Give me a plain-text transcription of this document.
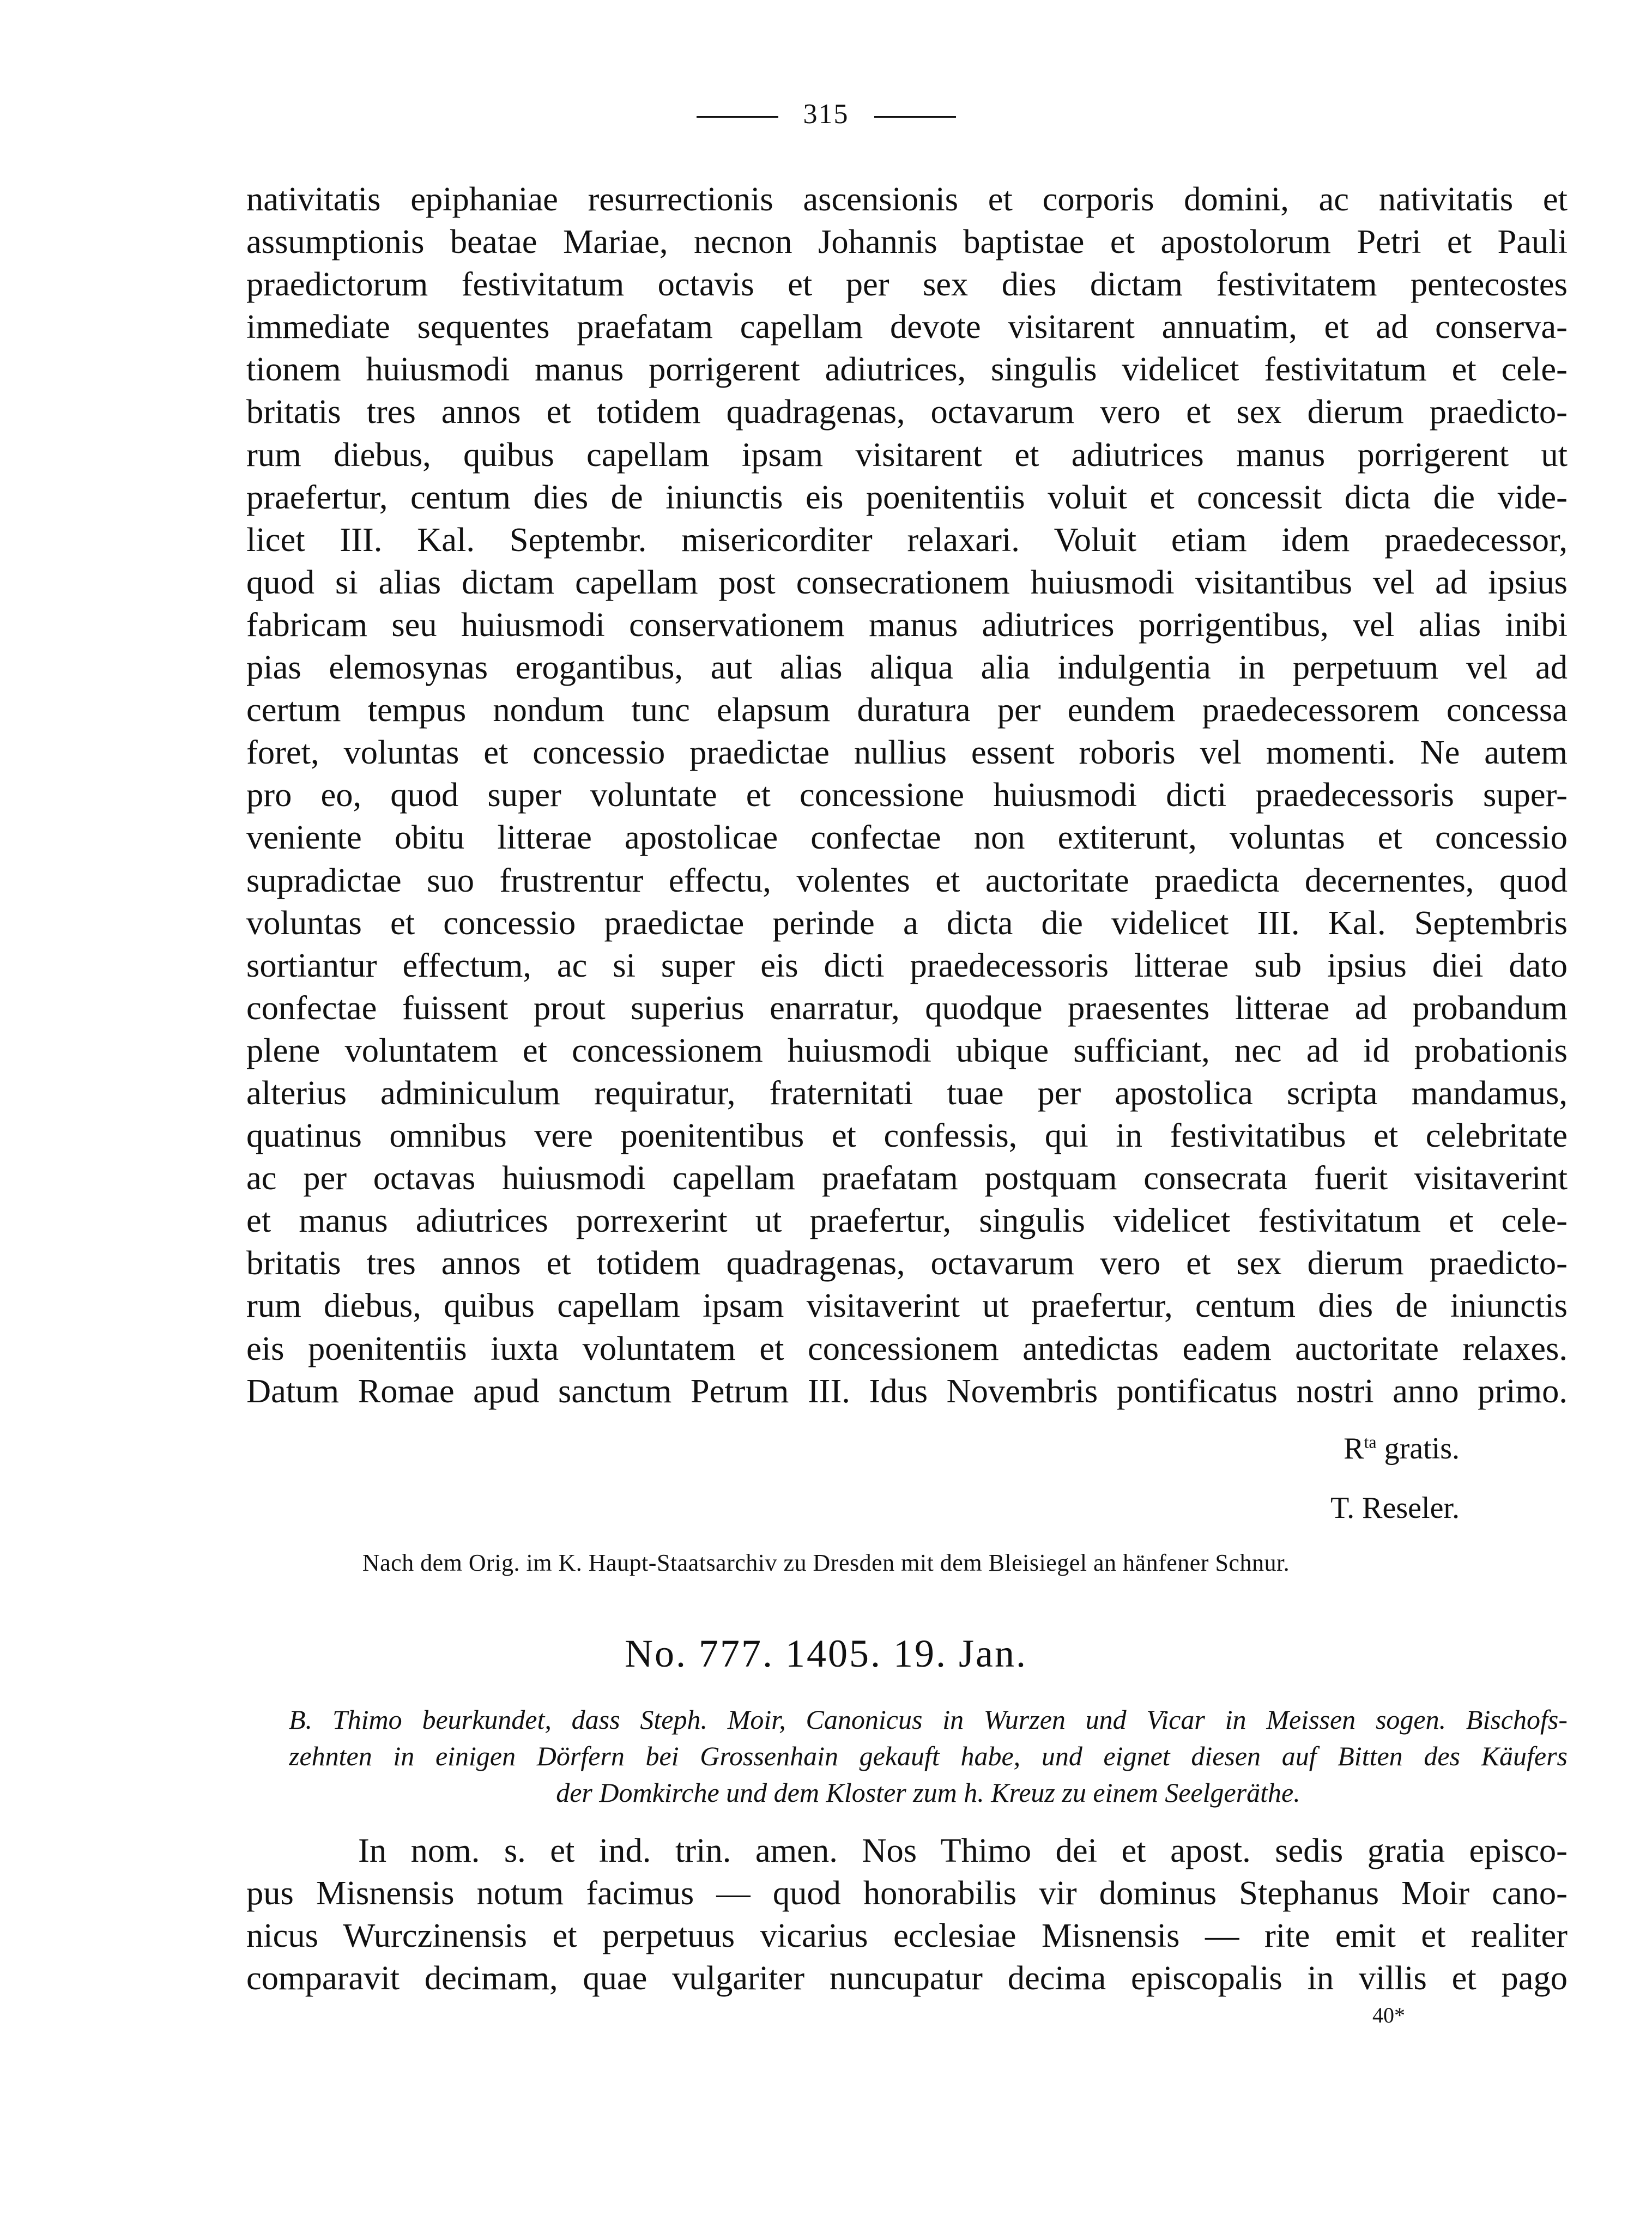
315
nativitatis epiphaniae resurrectionis ascensionis et corporis domini, ac nativitatis et
assumptionis beatae Mariae, necnon Johannis baptistae et apostolorum Petri et Pauli
praedictorum festivitatum octavis et per sex dies dictam festivitatem pentecostes
immediate sequentes praefatam capellam devote visitarent annuatim, et ad conserva-
tionem huiusmodi manus porrigerent adiutrices, singulis videlicet festivitatum et cele-
britatis tres annos et totidem quadragenas, octavarum vero et sex dierum praedicto-
rum diebus, quibus capellam ipsam visitarent et adiutrices manus porrigerent ut
praefertur, centum dies de iniunctis eis poenitentiis voluit et concessit dicta die vide-
licet III. Kal. Septembr. misericorditer relaxari. Voluit etiam idem praedecessor,
quod si alias dictam capellam post consecrationem huiusmodi visitantibus vel ad ipsius
fabricam seu huiusmodi conservationem manus adiutrices porrigentibus, vel alias inibi
pias elemosynas erogantibus, aut alias aliqua alia indulgentia in perpetuum vel ad
certum tempus nondum tunc elapsum duratura per eundem praedecessorem concessa
foret, voluntas et concessio praedictae nullius essent roboris vel momenti. Ne autem
pro eo, quod super voluntate et concessione huiusmodi dicti praedecessoris super-
veniente obitu litterae apostolicae confectae non extiterunt, voluntas et concessio
supradictae suo frustrentur effectu, volentes et auctoritate praedicta decernentes, quod
voluntas et concessio praedictae perinde a dicta die videlicet III. Kal. Septembris
sortiantur effectum, ac si super eis dicti praedecessoris litterae sub ipsius diei dato
confectae fuissent prout superius enarratur, quodque praesentes litterae ad probandum
plene voluntatem et concessionem huiusmodi ubique sufficiant, nec ad id probationis
alterius adminiculum requiratur, fraternitati tuae per apostolica scripta mandamus,
quatinus omnibus vere poenitentibus et confessis, qui in festivitatibus et celebritate
ac per octavas huiusmodi capellam praefatam postquam consecrata fuerit visitaverint
et manus adiutrices porrexerint ut praefertur, singulis videlicet festivitatum et cele-
britatis tres annos et totidem quadragenas, octavarum vero et sex dierum praedicto-
rum diebus, quibus capellam ipsam visitaverint ut praefertur, centum dies de iniunctis
eis poenitentiis iuxta voluntatem et concessionem antedictas eadem auctoritate relaxes.
Datum Romae apud sanctum Petrum III. Idus Novembris pontificatus nostri anno primo.
$R^{ta}$ gratis.
T. Reseler.
Nach dem Orig. im K. Haupt-Staatsarchiv zu Dresden mit dem Bleisiegel an hänfener Schnur.
No. 777. 1405. 19. Jan.
B. Thimo beurkundet, dass Steph. Moir, Canonicus in Wurzen und Vicar in Meissen sogen. Bischofs-
zehnten in einigen Dörfern bei Grossenhain gekauft habe, und eignet diesen auf Bitten des Käufers
der Domkirche und dem Kloster zum h. Kreuz zu einem Seelgeräthe.
In nom. s. et ind. trin. amen. Nos Thimo dei et apost. sedis gratia episco-
pus Misnensis notum facimus — quod honorabilis vir dominus Stephanus Moir cano-
nicus Wurczinensis et perpetuus vicarius ecclesiae Misnensis — rite emit et realiter
comparavit decimam, quae vulgariter nuncupatur decima episcopalis in villis et pago
40*
